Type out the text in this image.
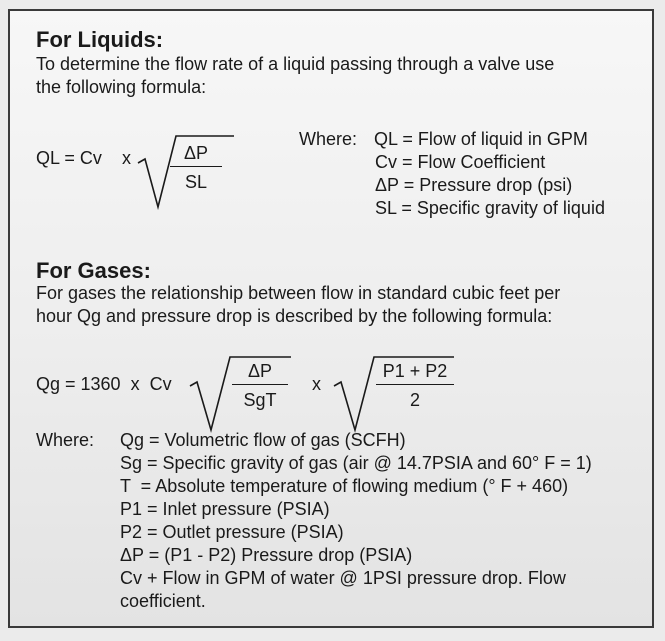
For Liquids:
To determine the flow rate of a liquid passing through a valve use
the following formula:
QL = Cv x	ΔP
SL
Where: QL = Flow of liquid in GPM
Cv = Flow Coefficient
ΔP = Pressure drop (psi)
SL = Specific gravity of liquid
For Gases:
For gases the relationship between flow in standard cubic feet per
hour Qg and pressure drop is described by the following formula:
Qg = 1360  x  Cv
ΔP
SgT
x
P1 + P2
2
Where: Qg = Volumetric flow of gas (SCFH)
Sg = Specific gravity of gas (air @ 14.7PSIA and 60° F = 1)
T  = Absolute temperature of flowing medium (° F + 460)
P1 = Inlet pressure (PSIA)
P2 = Outlet pressure (PSIA)
ΔP = (P1 - P2) Pressure drop (PSIA)
Cv + Flow in GPM of water @ 1PSI pressure drop. Flow
coefficient.
